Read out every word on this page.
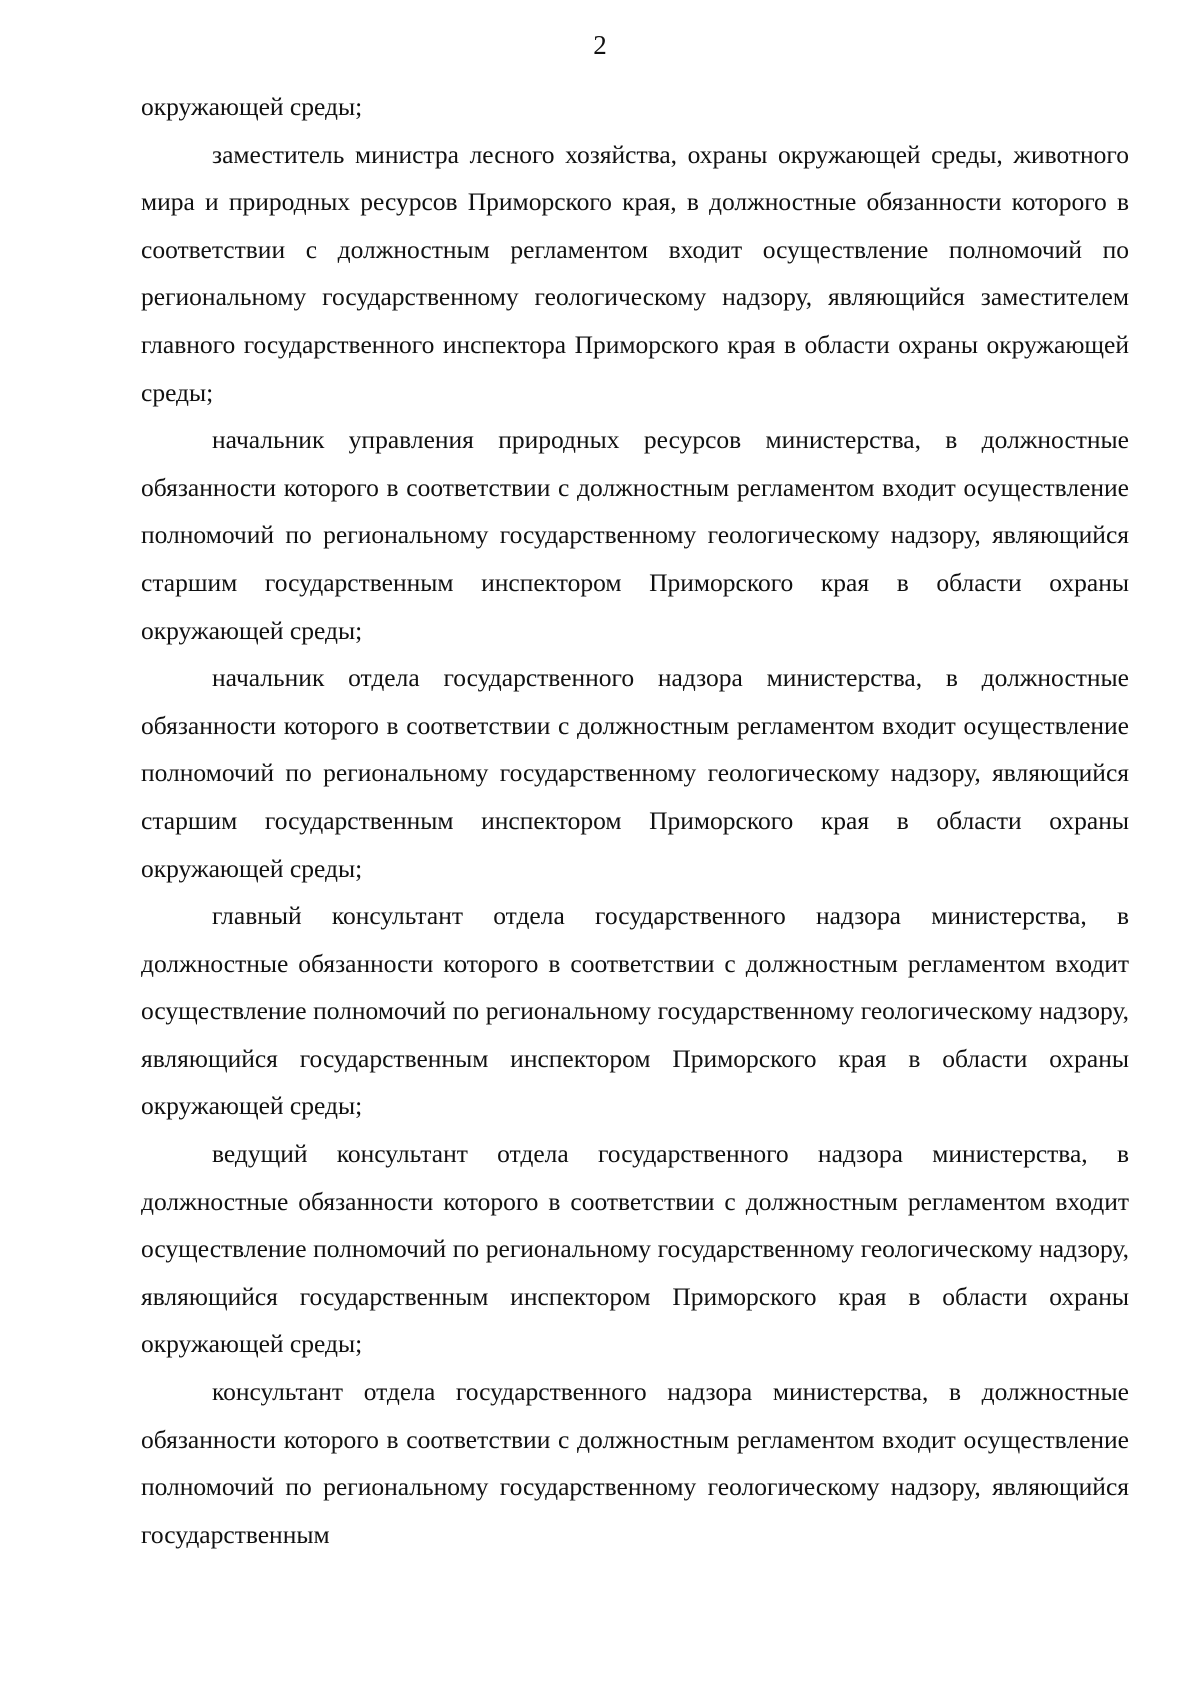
2

окружающей среды;

заместитель министра лесного хозяйства, охраны окружающей среды, животного мира и природных ресурсов Приморского края, в должностные обязанности которого в соответствии с должностным регламентом входит осуществление полномочий по региональному государственному геологическому надзору, являющийся заместителем главного государственного инспектора Приморского края в области охраны окружающей среды;

начальник управления природных ресурсов министерства, в должностные обязанности которого в соответствии с должностным регламентом входит осуществление полномочий по региональному государственному геологическому надзору, являющийся старшим государственным инспектором Приморского края в области охраны окружающей среды;

начальник отдела государственного надзора министерства, в должностные обязанности которого в соответствии с должностным регламентом входит осуществление полномочий по региональному государственному геологическому надзору, являющийся старшим государственным инспектором Приморского края в области охраны окружающей среды;

главный консультант отдела государственного надзора министерства, в должностные обязанности которого в соответствии с должностным регламентом входит осуществление полномочий по региональному государственному геологическому надзору, являющийся государственным инспектором Приморского края в области охраны окружающей среды;

ведущий консультант отдела государственного надзора министерства, в должностные обязанности которого в соответствии с должностным регламентом входит осуществление полномочий по региональному государственному геологическому надзору, являющийся государственным инспектором Приморского края в области охраны окружающей среды;

консультант отдела государственного надзора министерства, в должностные обязанности которого в соответствии с должностным регламентом входит осуществление полномочий по региональному государственному геологическому надзору, являющийся государственным
